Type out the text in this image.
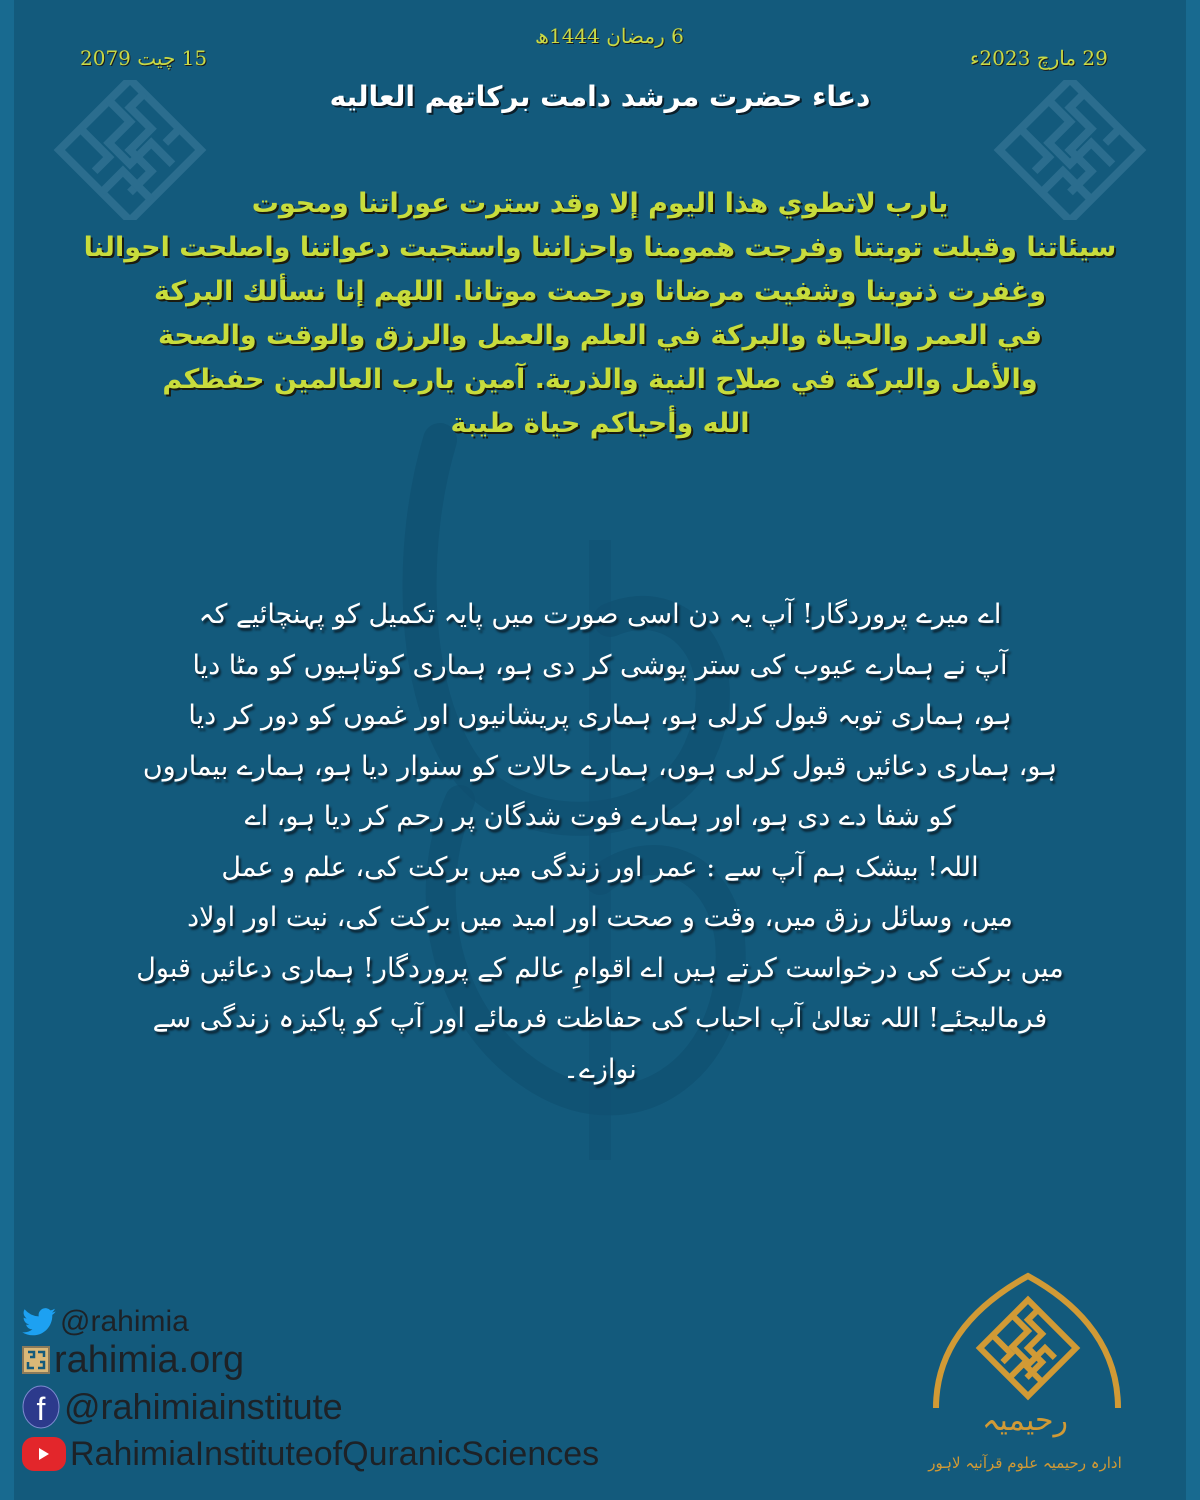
6 رمضان 1444ھ
15 چیت 2079	29 مارچ 2023ء
دعاء حضرت مرشد دامت برکاتهم العالیه
يارب لاتطوي هذا اليوم إلا وقد سترت عوراتنا ومحوت
سيئاتنا وقبلت توبتنا وفرجت همومنا واحزاننا واستجبت دعواتنا واصلحت احوالنا
وغفرت ذنوبنا وشفيت مرضانا ورحمت موتانا. اللهم إنا نسألك البركة
في العمر والحياة والبركة في العلم والعمل والرزق والوقت والصحة
والأمل والبركة في صلاح النية والذرية. آمين يارب العالمين حفظكم
الله وأحياكم حياة طيبة
اے میرے پروردگار! آپ یہ دن اسی صورت میں پایہ تکمیل کو پہنچائیے کہ
آپ نے ہمارے عیوب کی ستر پوشی کر دی ہو، ہماری کوتاہیوں کو مٹا دیا
ہو، ہماری توبہ قبول کرلی ہو، ہماری پریشانیوں اور غموں کو دور کر دیا
ہو، ہماری دعائیں قبول کرلی ہوں، ہمارے حالات کو سنوار دیا ہو، ہمارے بیماروں
کو شفا دے دی ہو، اور ہمارے فوت شدگان پر رحم کر دیا ہو، اے
اللہ! بیشک ہم آپ سے : عمر اور زندگی میں برکت کی، علم و عمل
میں، وسائل رزق میں، وقت و صحت اور امید میں برکت کی، نیت اور اولاد
میں برکت کی درخواست کرتے ہیں اے اقوامِ عالم کے پروردگار! ہماری دعائیں قبول
فرمالیجئے! اللہ تعالیٰ آپ احباب کی حفاظت فرمائے اور آپ کو پاکیزہ زندگی سے
نوازے۔
@rahimia
rahimia.org
f @rahimiainstitute
RahimiaInstituteofQuranicSciences
رحیمیہ
ادارہ رحیمیہ علوم قرآنیہ لاہور
